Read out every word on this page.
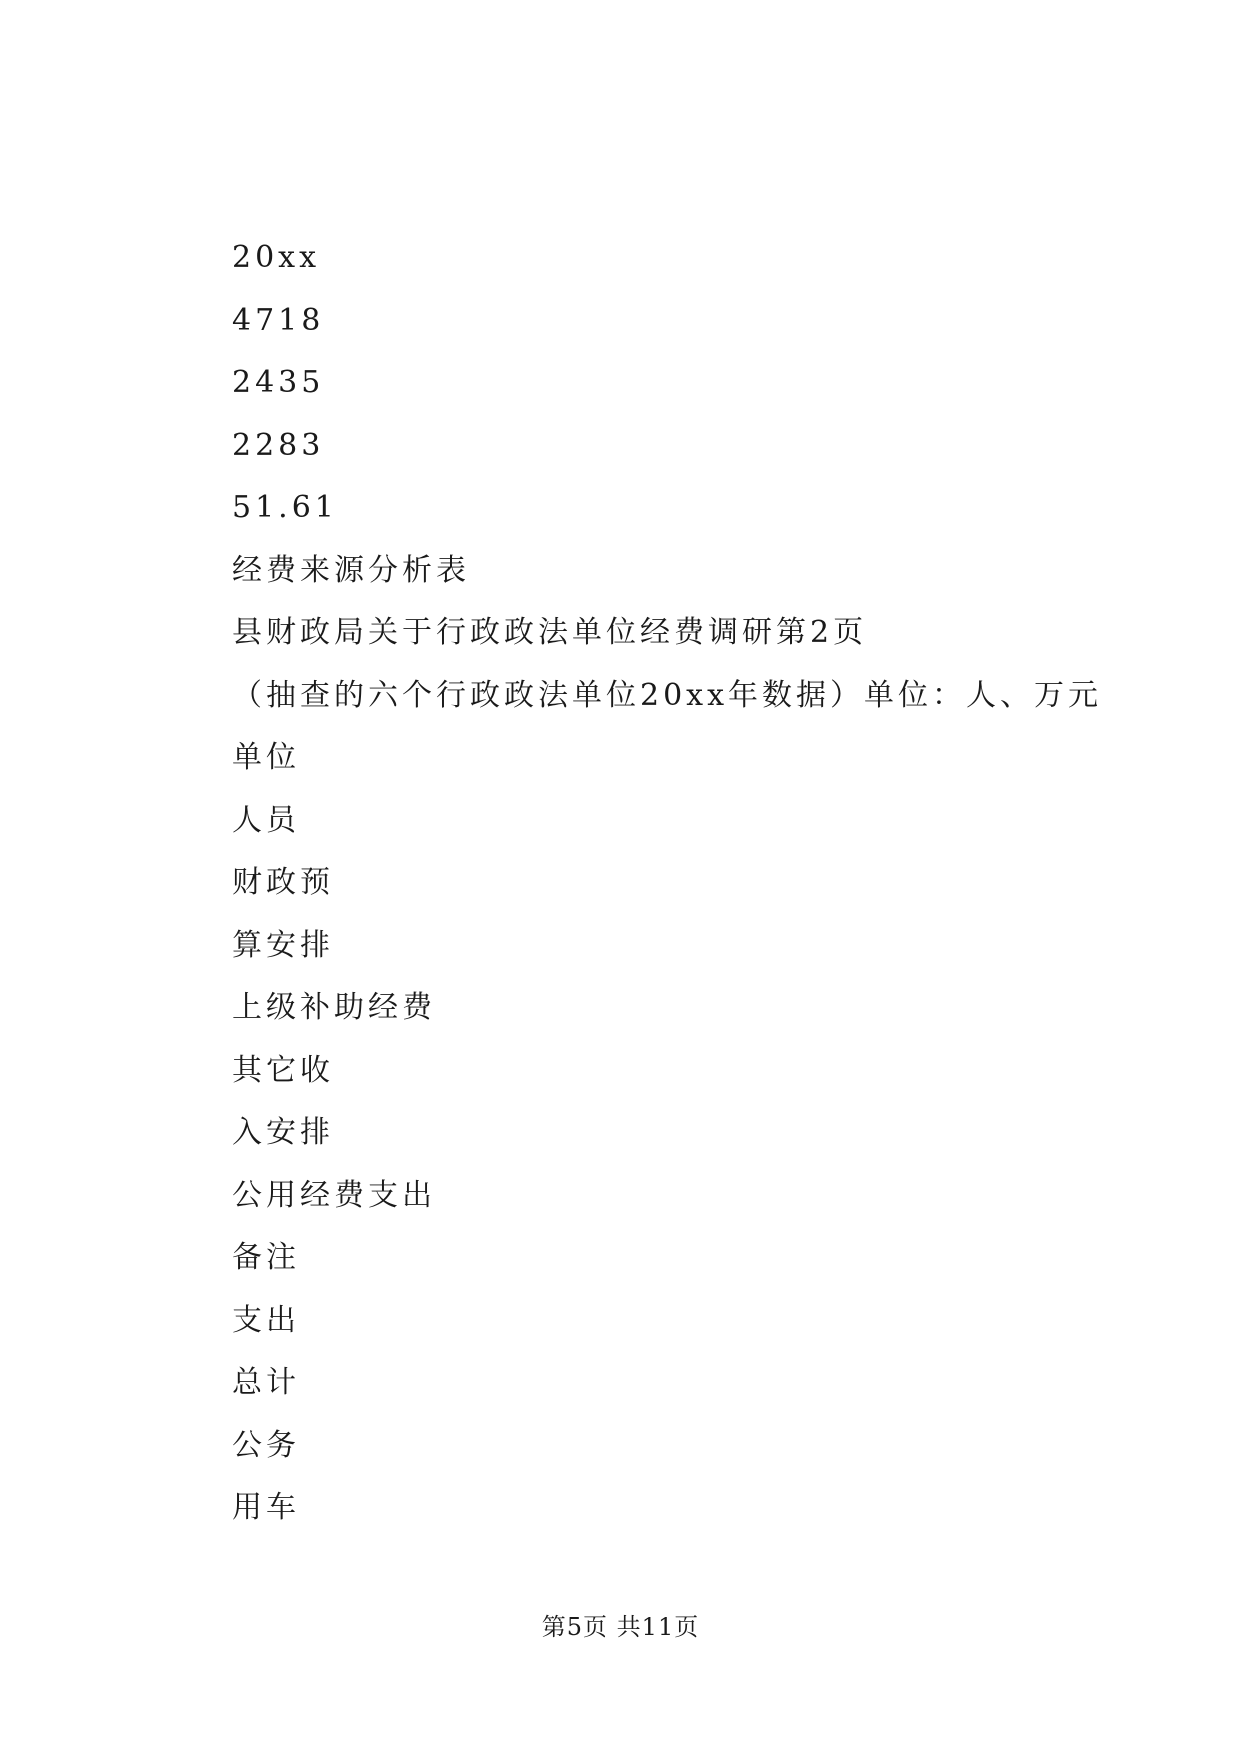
20xx
4718
2435
2283
51.61
经费来源分析表
县财政局关于行政政法单位经费调研第2页
（抽查的六个行政政法单位20xx年数据）单位：人、万元
单位
人员
财政预
算安排
上级补助经费
其它收
入安排
公用经费支出
备注
支出
总计
公务
用车
第5页 共11页
